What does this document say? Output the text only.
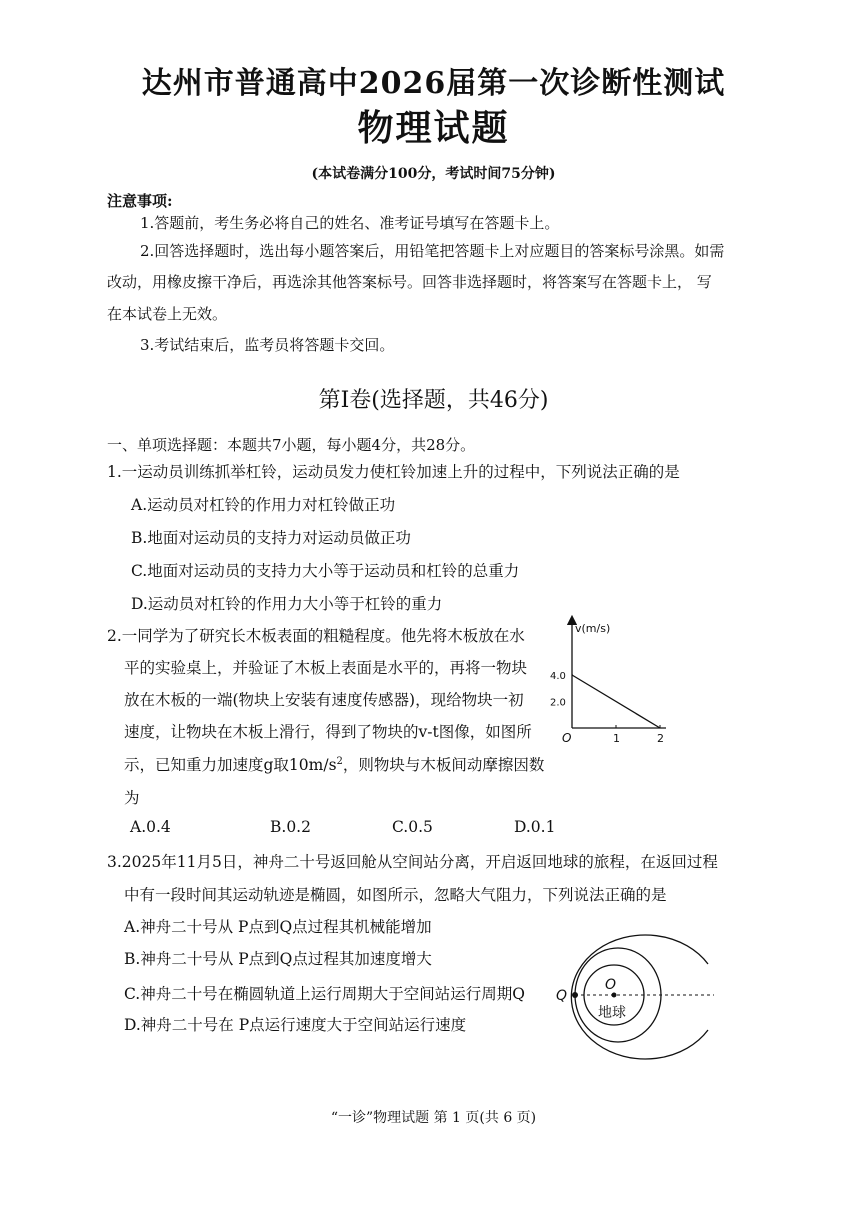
达州市普通高中2026届第一次诊断性测试
物理试题
(本试卷满分100分，考试时间75分钟)
注意事项:
1.答题前，考生务必将自己的姓名、准考证号填写在答题卡上。
2.回答选择题时，选出每小题答案后，用铅笔把答题卡上对应题目的答案标号涂黑。如需
改动，用橡皮擦干净后，再选涂其他答案标号。回答非选择题时，将答案写在答题卡上， 写
在本试卷上无效。
3.考试结束后，监考员将答题卡交回。
第Ⅰ卷(选择题，共46分)
一、单项选择题：本题共7小题，每小题4分，共28分。
1.一运动员训练抓举杠铃，运动员发力使杠铃加速上升的过程中，下列说法正确的是
A.运动员对杠铃的作用力对杠铃做正功
B.地面对运动员的支持力对运动员做正功
C.地面对运动员的支持力大小等于运动员和杠铃的总重力
D.运动员对杠铃的作用力大小等于杠铃的重力
2.一同学为了研究长木板表面的粗糙程度。他先将木板放在水
平的实验桌上，并验证了木板上表面是水平的，再将一物块
放在木板的一端(物块上安装有速度传感器)，现给物块一初
速度，让物块在木板上滑行，得到了物块的v-t图像，如图所
示，已知重力加速度g取$10m/s^2$，则物块与木板间动摩擦因数
为
A.0.4	B.0.2	C.0.5	D.0.1
v(m/s)
O	1	2
2.0
4.0
3.2025年11月5日，神舟二十号返回舱从空间站分离，开启返回地球的旅程，在返回过程
中有一段时间其运动轨迹是椭圆，如图所示，忽略大气阻力，下列说法正确的是
A.神舟二十号从 P点到Q点过程其机械能增加
B.神舟二十号从 P点到Q点过程其加速度增大
C.神舟二十号在椭圆轨道上运行周期大于空间站运行周期Q
D.神舟二十号在 P点运行速度大于空间站运行速度
Q
O
地球
“一诊”物理试题 第 1 页(共 6 页)
